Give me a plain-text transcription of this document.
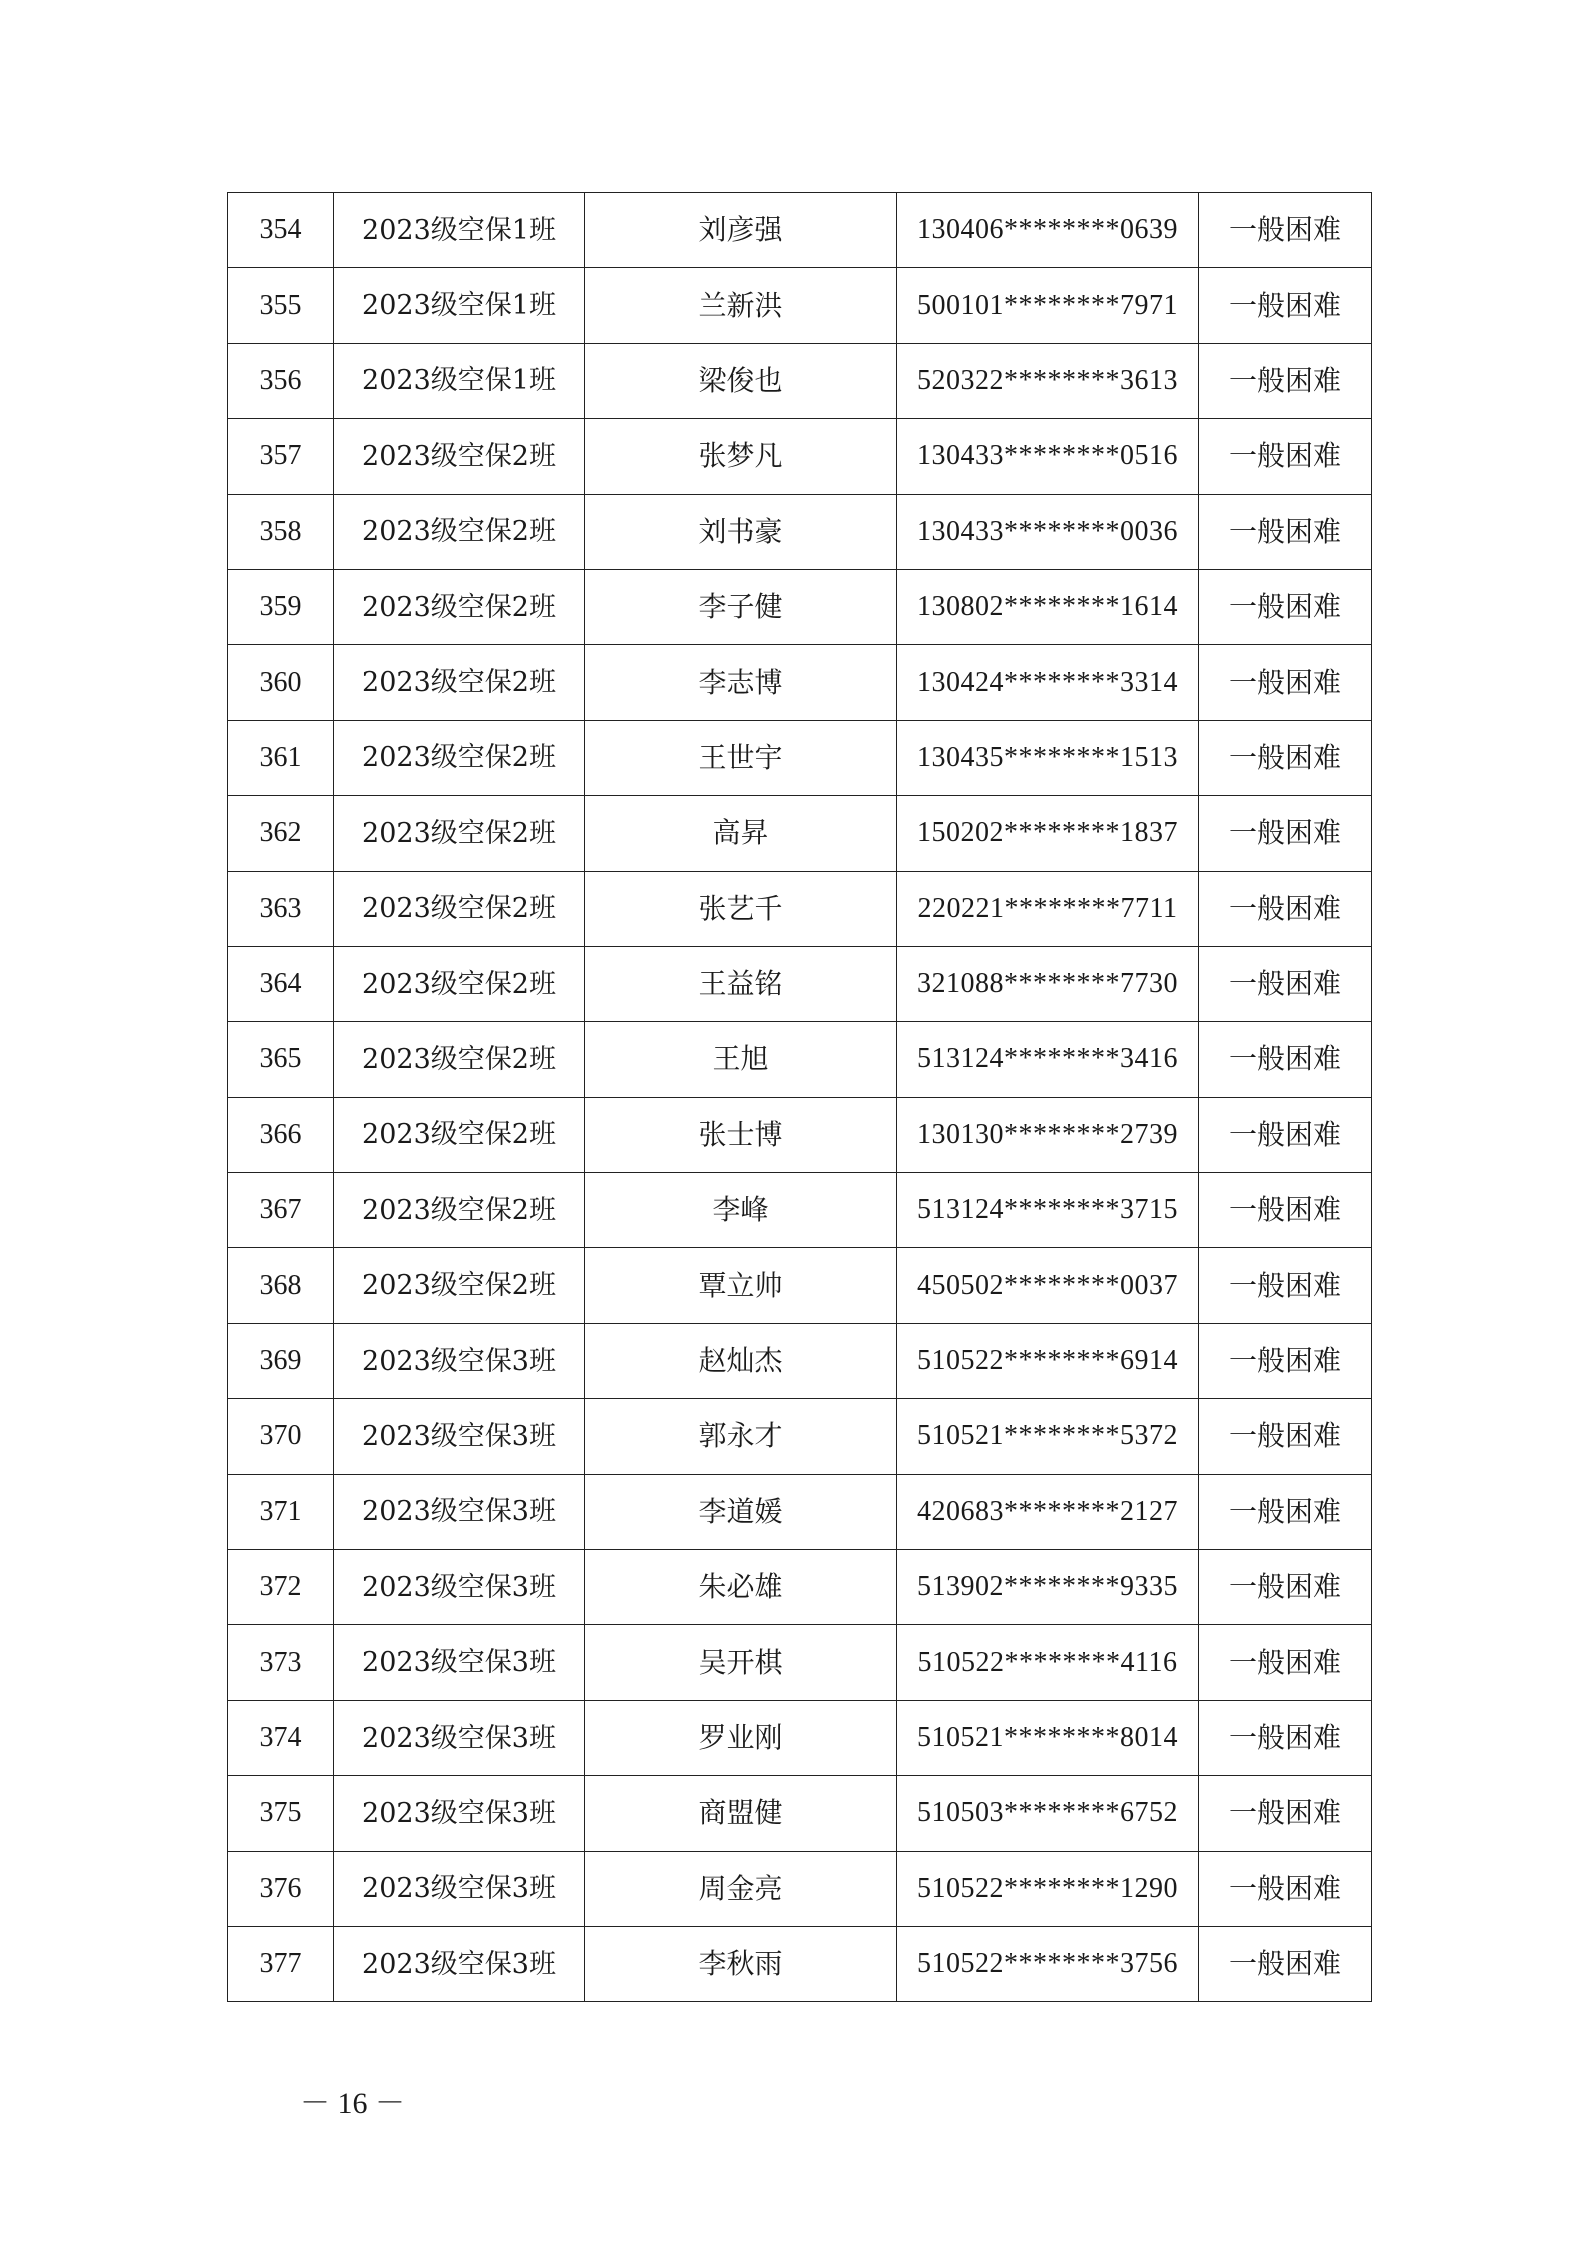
354	2023级空保1班	刘彦强	130406********0639	一般困难
355	2023级空保1班	兰新洪	500101********7971	一般困难
356	2023级空保1班	梁俊也	520322********3613	一般困难
357	2023级空保2班	张梦凡	130433********0516	一般困难
358	2023级空保2班	刘书豪	130433********0036	一般困难
359	2023级空保2班	李子健	130802********1614	一般困难
360	2023级空保2班	李志博	130424********3314	一般困难
361	2023级空保2班	王世宇	130435********1513	一般困难
362	2023级空保2班	高昇	150202********1837	一般困难
363	2023级空保2班	张艺千	220221********7711	一般困难
364	2023级空保2班	王益铭	321088********7730	一般困难
365	2023级空保2班	王旭	513124********3416	一般困难
366	2023级空保2班	张士博	130130********2739	一般困难
367	2023级空保2班	李峰	513124********3715	一般困难
368	2023级空保2班	覃立帅	450502********0037	一般困难
369	2023级空保3班	赵灿杰	510522********6914	一般困难
370	2023级空保3班	郭永才	510521********5372	一般困难
371	2023级空保3班	李道媛	420683********2127	一般困难
372	2023级空保3班	朱必雄	513902********9335	一般困难
373	2023级空保3班	吴开棋	510522********4116	一般困难
374	2023级空保3班	罗业刚	510521********8014	一般困难
375	2023级空保3班	商盟健	510503********6752	一般困难
376	2023级空保3班	周金亮	510522********1290	一般困难
377	2023级空保3班	李秋雨	510522********3756	一般困难
－ 16 －
